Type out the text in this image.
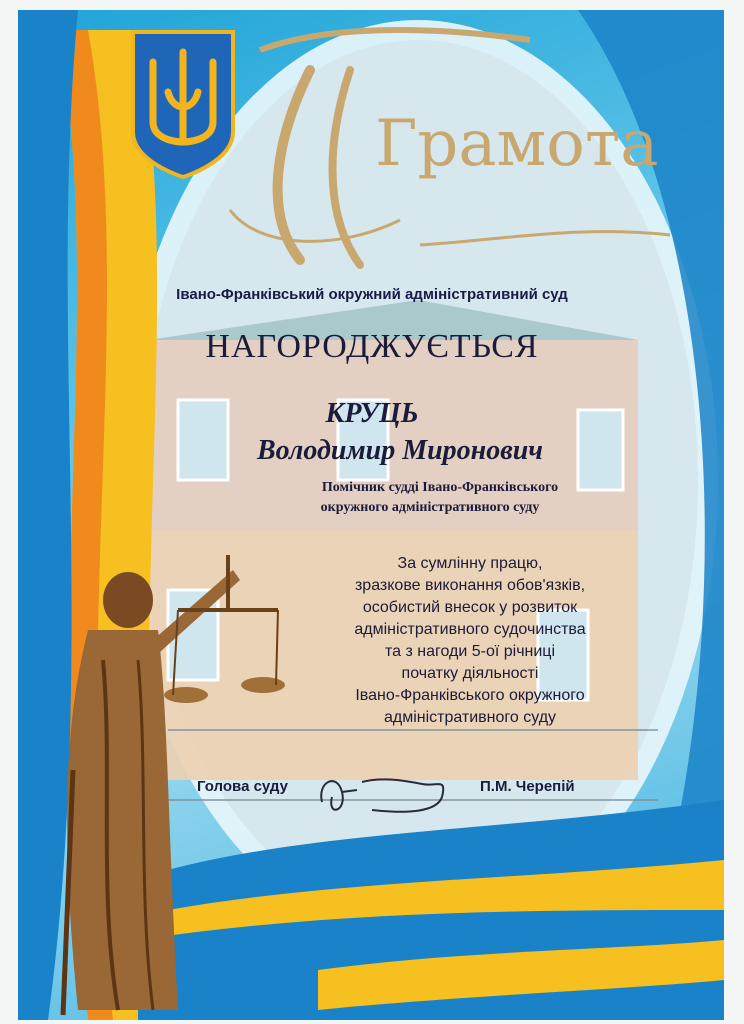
Грамота
Івано-Франківський окружний адміністративний суд
НАГОРОДЖУЄТЬСЯ
КРУЦЬ
Володимир Миронович
Помічник судді Івано-Франківського
окружного адміністративного суду
За сумлінну працю,
зразкове виконання обов'язків,
особистий внесок у розвиток
адміністративного судочинства
та з нагоди 5-ої річниці
початку діяльності
Івано-Франківського окружного
адміністративного суду
Голова суду	П.М. Черепій
